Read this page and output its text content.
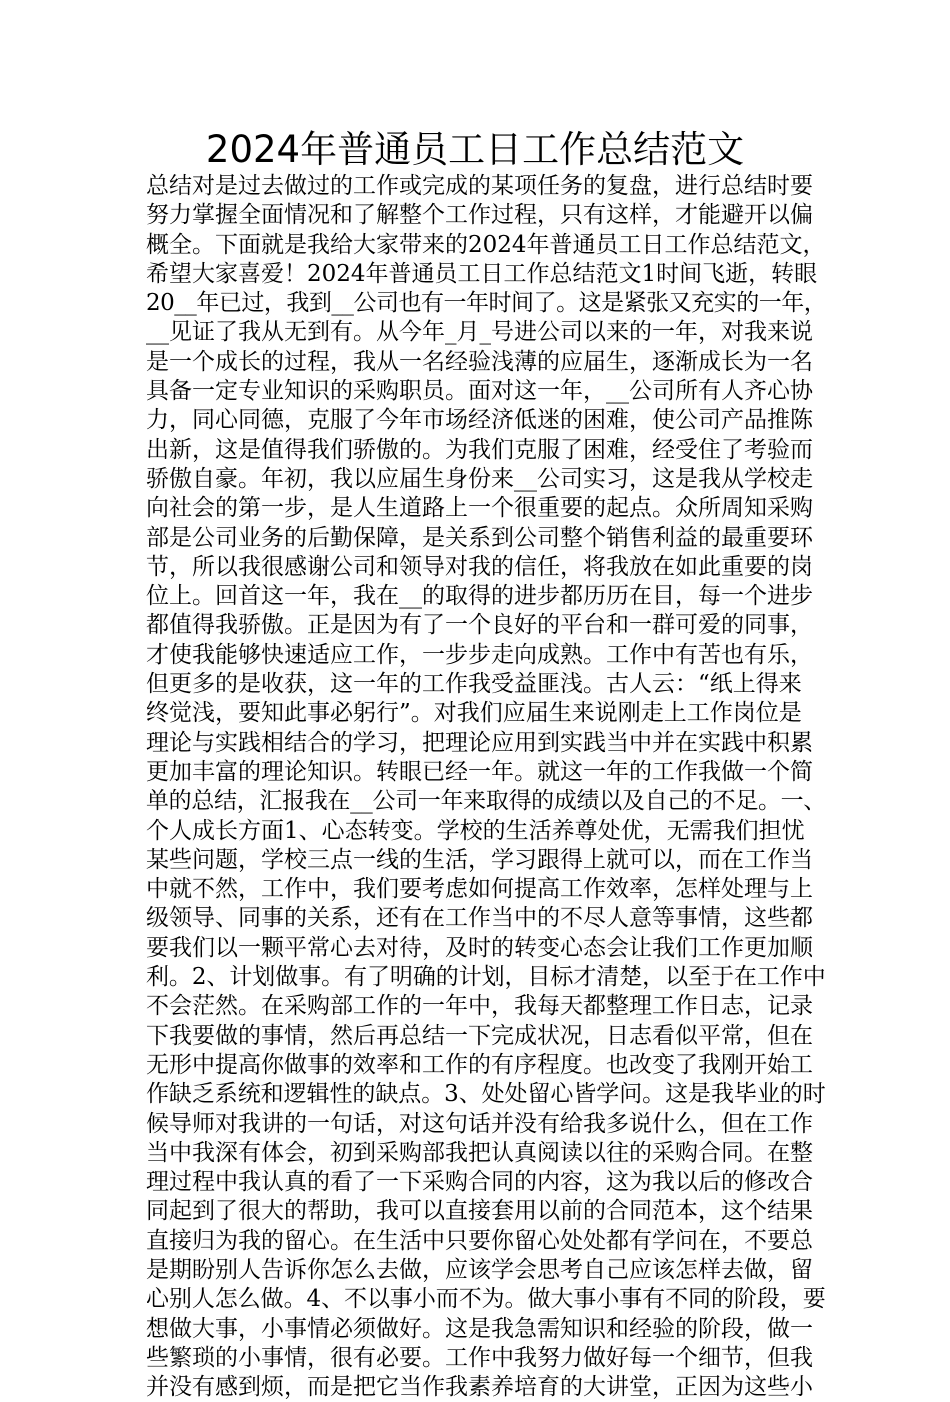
2024年普通员工日工作总结范文
总结对是过去做过的工作或完成的某项任务的复盘，进行总结时要
努力掌握全面情况和了解整个工作过程，只有这样，才能避开以偏
概全。下面就是我给大家带来的2024年普通员工日工作总结范文，
希望大家喜爱！2024年普通员工日工作总结范文1时间飞逝，转眼
20__年已过，我到__公司也有一年时间了。这是紧张又充实的一年，
__见证了我从无到有。从今年_月_号进公司以来的一年，对我来说
是一个成长的过程，我从一名经验浅薄的应届生，逐渐成长为一名
具备一定专业知识的采购职员。面对这一年，__公司所有人齐心协
力，同心同德，克服了今年市场经济低迷的困难，使公司产品推陈
出新，这是值得我们骄傲的。为我们克服了困难，经受住了考验而
骄傲自豪。年初，我以应届生身份来__公司实习，这是我从学校走
向社会的第一步，是人生道路上一个很重要的起点。众所周知采购
部是公司业务的后勤保障，是关系到公司整个销售利益的最重要环
节，所以我很感谢公司和领导对我的信任，将我放在如此重要的岗
位上。回首这一年，我在__的取得的进步都历历在目，每一个进步
都值得我骄傲。正是因为有了一个良好的平台和一群可爱的同事，
才使我能够快速适应工作，一步步走向成熟。工作中有苦也有乐，
但更多的是收获，这一年的工作我受益匪浅。古人云：“纸上得来
终觉浅，要知此事必躬行”。对我们应届生来说刚走上工作岗位是
理论与实践相结合的学习，把理论应用到实践当中并在实践中积累
更加丰富的理论知识。转眼已经一年。就这一年的工作我做一个简
单的总结，汇报我在__公司一年来取得的成绩以及自己的不足。一、
个人成长方面1、心态转变。学校的生活养尊处优，无需我们担忧
某些问题，学校三点一线的生活，学习跟得上就可以，而在工作当
中就不然，工作中，我们要考虑如何提高工作效率，怎样处理与上
级领导、同事的关系，还有在工作当中的不尽人意等事情，这些都
要我们以一颗平常心去对待，及时的转变心态会让我们工作更加顺
利。2、计划做事。有了明确的计划，目标才清楚，以至于在工作中
不会茫然。在采购部工作的一年中，我每天都整理工作日志，记录
下我要做的事情，然后再总结一下完成状况，日志看似平常，但在
无形中提高你做事的效率和工作的有序程度。也改变了我刚开始工
作缺乏系统和逻辑性的缺点。3、处处留心皆学问。这是我毕业的时
候导师对我讲的一句话，对这句话并没有给我多说什么，但在工作
当中我深有体会，初到采购部我把认真阅读以往的采购合同。在整
理过程中我认真的看了一下采购合同的内容，这为我以后的修改合
同起到了很大的帮助，我可以直接套用以前的合同范本，这个结果
直接归为我的留心。在生活中只要你留心处处都有学问在，不要总
是期盼别人告诉你怎么去做，应该学会思考自己应该怎样去做，留
心别人怎么做。4、不以事小而不为。做大事小事有不同的阶段，要
想做大事，小事情必须做好。这是我急需知识和经验的阶段，做一
些繁琐的小事情，很有必要。工作中我努力做好每一个细节，但我
并没有感到烦，而是把它当作我素养培育的大讲堂，正因为这些小
